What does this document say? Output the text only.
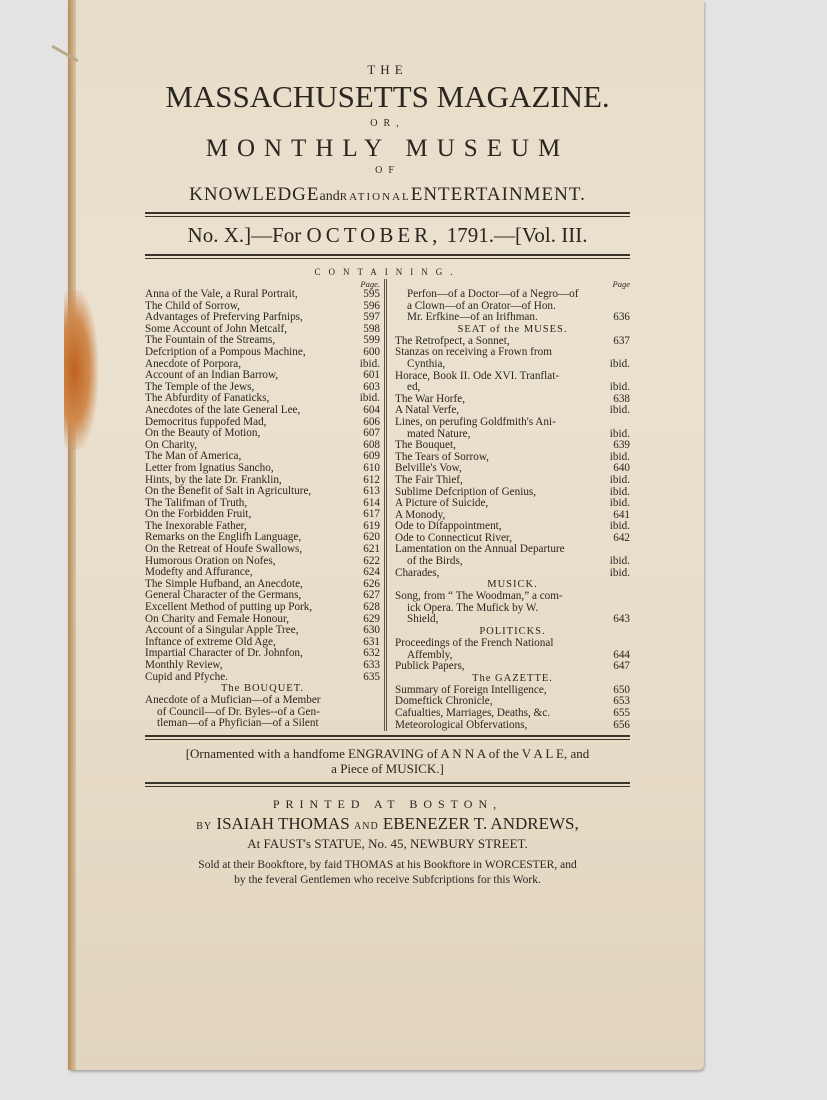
THE
MASSACHUSETTS MAGAZINE.
OR,
MONTHLY MUSEUM
OF
KNOWLEDGEandRATIONALENTERTAINMENT.
No. X.]—For OCTOBER, 1791.—[Vol. III.
CONTAINING.
Page.
Anna of the Vale, a Rural Portrait,	595
The Child of Sorrow,	596
Advantages of Preferving Parfnips,	597
Some Account of John Metcalf,	598
The Fountain of the Streams,	599
Defcription of a Pompous Machine,	600
Anecdote of Porpora,	ibid.
Account of an Indian Barrow,	601
The Temple of the Jews,	603
The Abfurdity of Fanaticks,	ibid.
Anecdotes of the late General Lee,	604
Democritus fuppofed Mad,	606
On the Beauty of Motion,	607
On Charity,	608
The Man of America,	609
Letter from Ignatius Sancho,	610
Hints, by the late Dr. Franklin,	612
On the Benefit of Salt in Agriculture,	613
The Talifman of Truth,	614
On the Forbidden Fruit,	617
The Inexorable Father,	619
Remarks on the Englifh Language,	620
On the Retreat of Houfe Swallows,	621
Humorous Oration on Nofes,	622
Modefty and Affurance,	624
The Simple Hufband, an Anecdote,	626
General Character of the Germans,	627
Excellent Method of putting up Pork,	628
On Charity and Female Honour,	629
Account of a Singular Apple Tree,	630
Inftance of extreme Old Age,	631
Impartial Character of Dr. Johnfon,	632
Monthly Review,	633
Cupid and Pfyche.	635
The BOUQUET.
Anecdote of a Mufician—of a Member
of Council—of Dr. Byles--of a Gen-
tleman—of a Phyfician—of a Silent
Page
Perfon—of a Doctor—of a Negro—of
a Clown—of an Orator—of Hon.
Mr. Erfkine—of an Irifhman.	636
SEAT of the MUSES.
The Retrofpect, a Sonnet,	637
Stanzas on receiving a Frown from
Cynthia,	ibid.
Horace, Book II. Ode XVI. Tranflat-
ed,	ibid.
The War Horfe,	638
A Natal Verfe,	ibid.
Lines, on perufing Goldfmith's Ani-
mated Nature,	ibid.
The Bouquet,	639
The Tears of Sorrow,	ibid.
Belville's Vow,	640
The Fair Thief,	ibid.
Sublime Defcription of Genius,	ibid.
A Picture of Suicide,	ibid.
A Monody,	641
Ode to Difappointment,	ibid.
Ode to Connecticut River,	642
Lamentation on the Annual Departure
of the Birds,	ibid.
Charades,	ibid.
MUSICK.
Song, from “ The Woodman,” a com-
ick Opera. The Mufick by W.
Shield,	643
POLITICKS.
Proceedings of the French National
Affembly,	644
Publick Papers,	647
The GAZETTE.
Summary of Foreign Intelligence,	650
Domeftick Chronicle,	653
Cafualties, Marriages, Deaths, &c.	655
Meteorological Obfervations,	656
[Ornamented with a handfome ENGRAVING of A N N A of the V A L E, and
a Piece of MUSICK.]
PRINTED AT BOSTON,
BY ISAIAH THOMAS AND EBENEZER T. ANDREWS,
At FAUST's STATUE, No. 45, NEWBURY STREET.
Sold at their Bookftore, by faid THOMAS at his Bookftore in WORCESTER, and
by the feveral Gentlemen who receive Subfcriptions for this Work.
